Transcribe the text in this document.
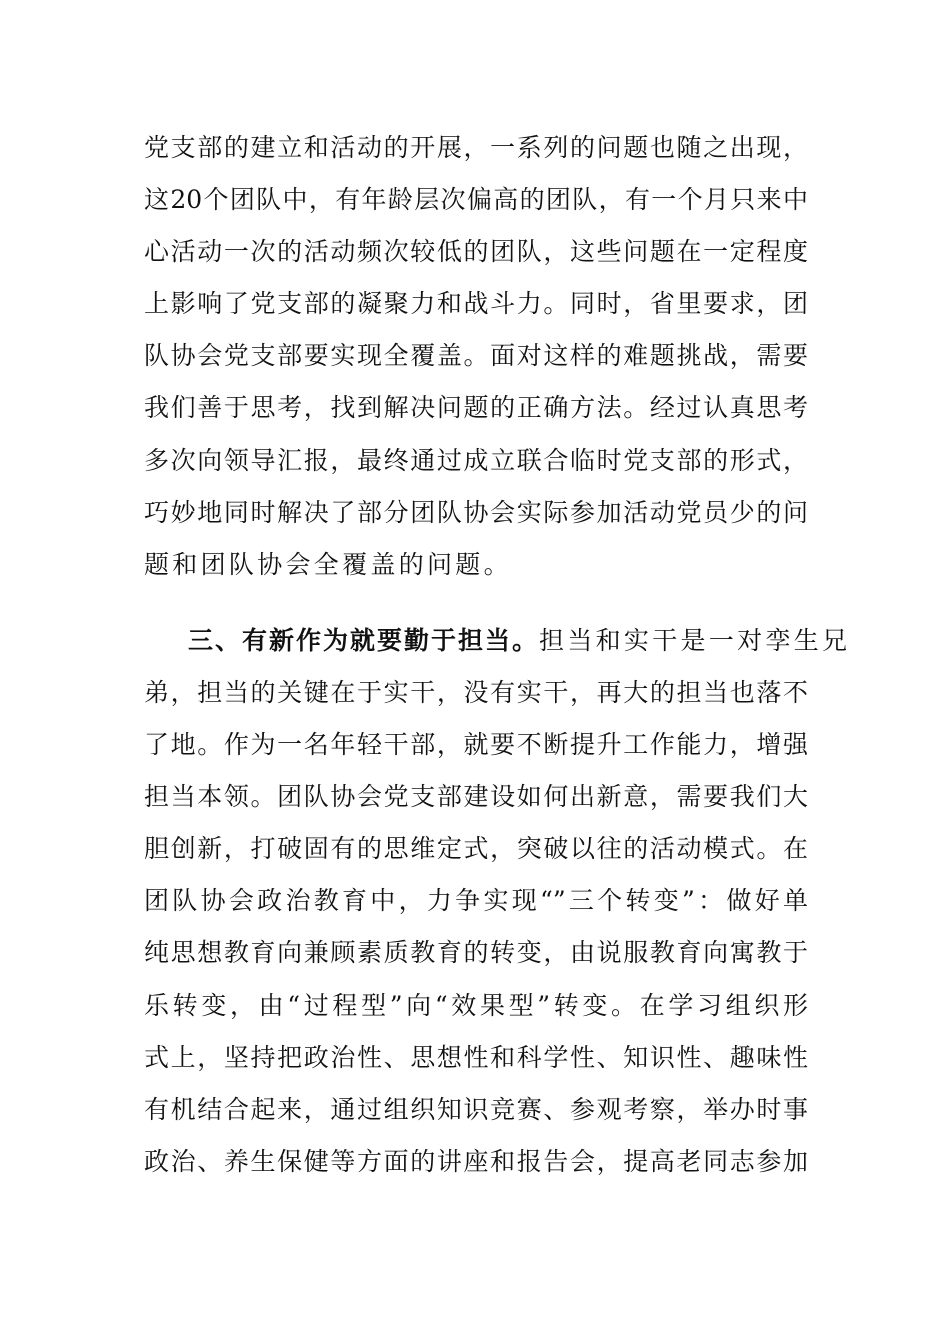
党支部的建立和活动的开展，一系列的问题也随之出现，
这20个团队中，有年龄层次偏高的团队，有一个月只来中
心活动一次的活动频次较低的团队，这些问题在一定程度
上影响了党支部的凝聚力和战斗力。同时，省里要求，团
队协会党支部要实现全覆盖。面对这样的难题挑战，需要
我们善于思考，找到解决问题的正确方法。经过认真思考
多次向领导汇报，最终通过成立联合临时党支部的形式，
巧妙地同时解决了部分团队协会实际参加活动党员少的问
题和团队协会全覆盖的问题。
三、有新作为就要勤于担当。担当和实干是一对孪生兄
弟，担当的关键在于实干，没有实干，再大的担当也落不
了地。作为一名年轻干部，就要不断提升工作能力，增强
担当本领。团队协会党支部建设如何出新意，需要我们大
胆创新，打破固有的思维定式，突破以往的活动模式。在
团队协会政治教育中，力争实现“”三个转变”：做好单
纯思想教育向兼顾素质教育的转变，由说服教育向寓教于
乐转变，由“过程型”向“效果型”转变。在学习组织形
式上，坚持把政治性、思想性和科学性、知识性、趣味性
有机结合起来，通过组织知识竞赛、参观考察，举办时事
政治、养生保健等方面的讲座和报告会，提高老同志参加
